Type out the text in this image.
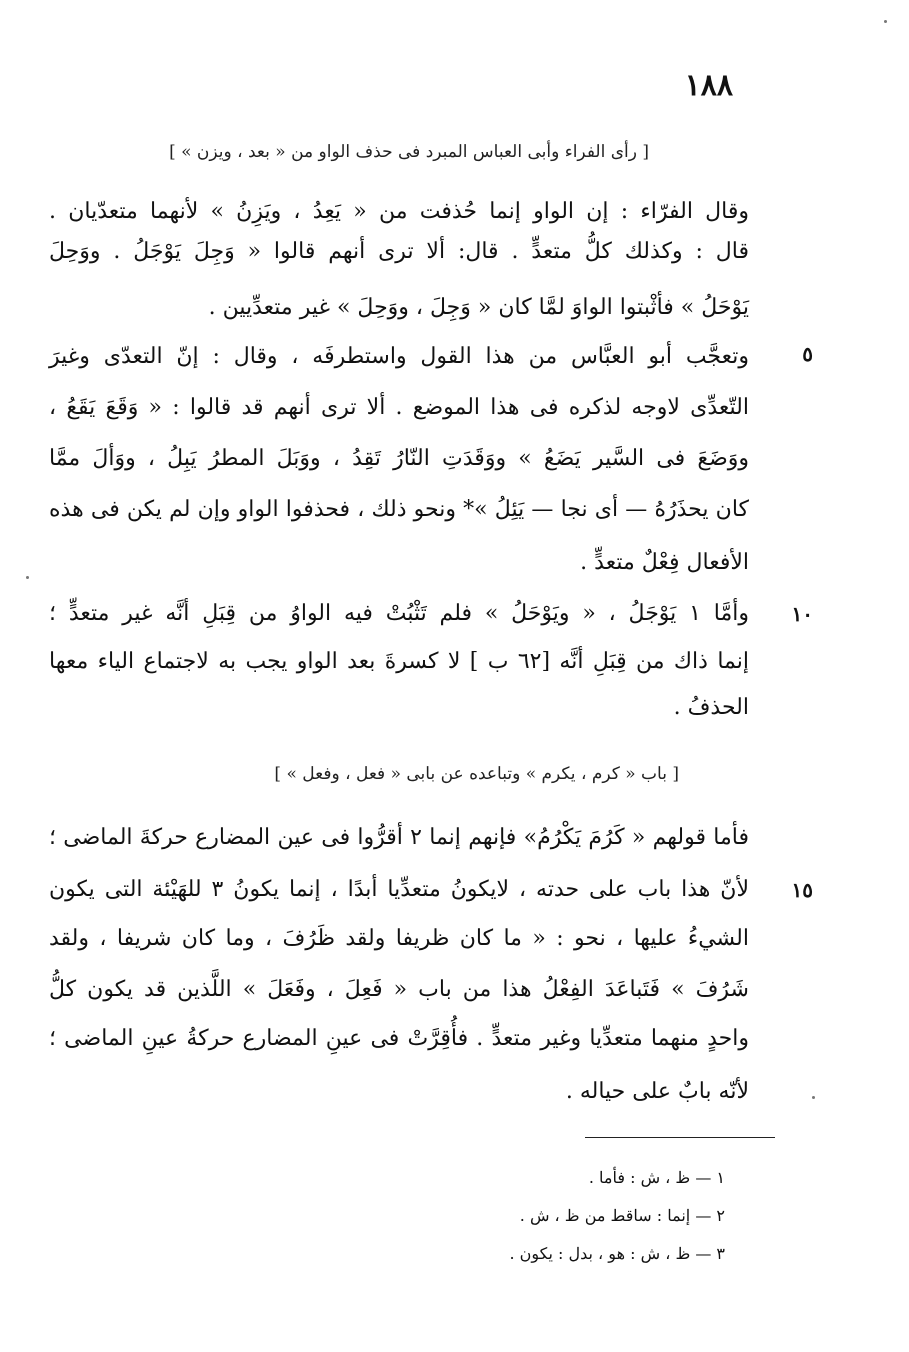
١٨٨
[ رأى الفراء وأبى العباس المبرد فى حذف الواو من « بعد ، ويزن » ]
وقال الفرّاء : إن الواو إنما حُذفت من « يَعِدُ ، ويَزِنُ » لأنهما متعدّيان .
قال : وكذلك كلُّ متعدٍّ . قال: ألا ترى أنهم قالوا « وَجِلَ يَوْجَلُ . ووَحِلَ
يَوْحَلُ » فأثْبتوا الواوَ لمَّا كان « وَجِلَ ، ووَحِلَ » غير متعدِّيين .
٥
وتعجَّب أبو العبَّاس من هذا القول واستطرفَه ، وقال : إنّ التعدّى وغيرَ
التّعدِّى لاوجه لذكره فى هذا الموضع . ألا ترى أنهم قد قالوا : « وَقَعَ يَقَعُ ،
ووَضَعَ فى السَّير يَضَعُ » ووَقَدَتِ النّارُ تَقِدُ ، ووَبَلَ المطرُ يَبِلُ ، ووَألَ ممَّا
كان يحذَرُهُ — أى نجا — يَئِلُ »* ونحو ذلك ، فحذفوا الواو وإن لم يكن فى هذه
الأفعال فِعْلٌ متعدٍّ .
١٠
وأمَّا ١ يَوْجَلُ ، « ويَوْحَلُ » فلم تَثْبُتْ فيه الواوُ من قِبَلِ أنَّه غير متعدٍّ ؛
إنما ذاك من قِبَلِ أنَّه [٦٢ ب ] لا كسرةَ بعد الواو يجب به لاجتماع الياء معها
الحذفُ .
[ باب « كرم ، يكرم » وتباعده عن بابى « فعل ، وفعل » ]
فأما قولهم « كَرُمَ يَكْرُمُ» فإنهم إنما ٢ أقرُّوا فى عين المضارع حركةَ الماضى ؛
١٥
لأنّ هذا باب على حدته ، لايكونُ متعدِّيا أبدًا ، إنما يكونُ ٣ للهَيْئة التى يكون
الشيءُ عليها ، نحو : « ما كان ظريفا ولقد ظَرُفَ ، وما كان شريفا ، ولقد
شَرُفَ » فَتَباعَدَ الفِعْلُ هذا من باب « فَعِلَ ، وفَعَلَ » اللَّذين قد يكون كلُّ
واحدٍ منهما متعدِّيا وغير متعدٍّ . فأُقِرَّتْ فى عينِ المضارع حركةُ عينِ الماضى ؛
لأنّه بابٌ على حياله .
١ — ظ ، ش : فأما .
٢ — إنما : ساقط من ظ ، ش .
٣ — ظ ، ش : هو ، بدل : يكون .
